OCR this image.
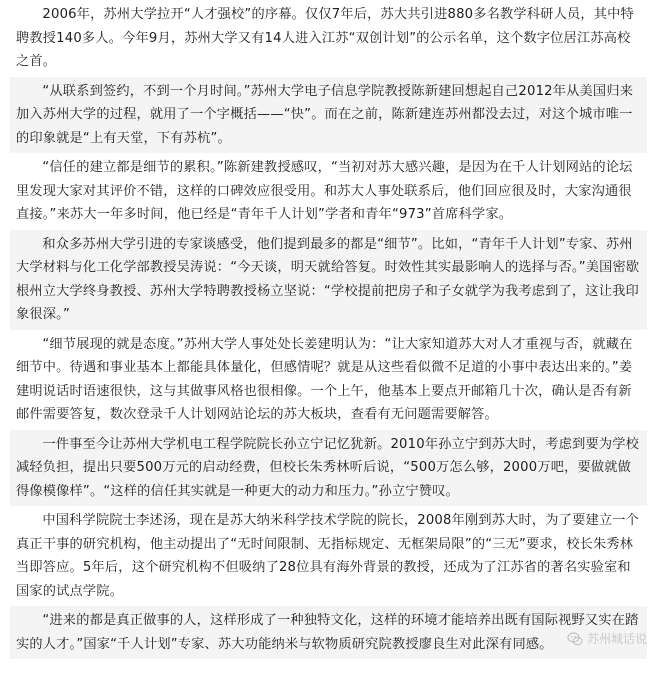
2006年，苏州大学拉开“人才强校”的序幕。仅仅7年后，苏大共引进880多名教学科研人员，其中特聘教授140多人。今年9月，苏州大学又有14人进入江苏“双创计划”的公示名单，这个数字位居江苏高校之首。

“从联系到签约，不到一个月时间。”苏州大学电子信息学院教授陈新建回想起自己2012年从美国归来加入苏州大学的过程，就用了一个字概括——“快”。而在之前，陈新建连苏州都没去过，对这个城市唯一的印象就是“上有天堂，下有苏杭”。

“信任的建立都是细节的累积。”陈新建教授感叹，“当初对苏大感兴趣，是因为在千人计划网站的论坛里发现大家对其评价不错，这样的口碑效应很受用。和苏大人事处联系后，他们回应很及时，大家沟通很直接。”来苏大一年多时间，他已经是“青年千人计划”学者和青年“973”首席科学家。

和众多苏州大学引进的专家谈感受，他们提到最多的都是“细节”。比如，“青年千人计划”专家、苏州大学材料与化工化学部教授吴涛说：“今天谈，明天就给答复。时效性其实最影响人的选择与否。”美国密歇根州立大学终身教授、苏州大学特聘教授杨立坚说：“学校提前把房子和子女就学为我考虑到了，这让我印象很深。”

“细节展现的就是态度。”苏州大学人事处处长姜建明认为：“让大家知道苏大对人才重视与否，就藏在细节中。待遇和事业基本上都能具体量化，但感情呢？就是从这些看似微不足道的小事中表达出来的。”姜建明说话时语速很快，这与其做事风格也很相像。一个上午，他基本上要点开邮箱几十次，确认是否有新邮件需要答复，数次登录千人计划网站论坛的苏大板块，查看有无问题需要解答。

一件事至今让苏州大学机电工程学院院长孙立宁记忆犹新。2010年孙立宁到苏大时，考虑到要为学校减轻负担，提出只要500万元的启动经费，但校长朱秀林听后说，“500万怎么够，2000万吧，要做就做得像模像样”。“这样的信任其实就是一种更大的动力和压力。”孙立宁赞叹。

中国科学院院士李述汤，现在是苏大纳米科学技术学院的院长，2008年刚到苏大时，为了要建立一个真正干事的研究机构，他主动提出了“无时间限制、无指标规定、无框架局限”的“三无”要求，校长朱秀林当即答应。5年后，这个研究机构不但吸纳了28位具有海外背景的教授，还成为了江苏省的著名实验室和国家的试点学院。

“进来的都是真正做事的人，这样形成了一种独特文化，这样的环境才能培养出既有国际视野又实在踏实的人才。”国家“千人计划”专家、苏大功能纳米与软物质研究院教授廖良生对此深有同感。	苏州城话说
